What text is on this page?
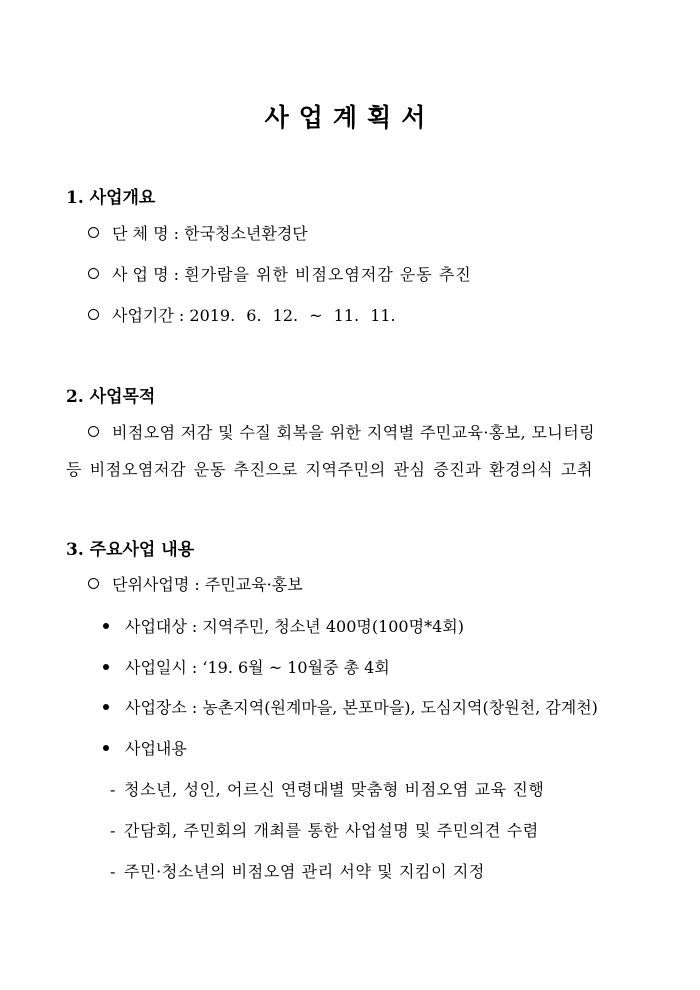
사업계획서
1. 사업개요
단 체 명 : 한국청소년환경단
사 업 명 : 흰가람을 위한 비점오염저감 운동 추진
사업기간 : 2019. 6. 12. ~ 11. 11.
2. 사업목적
비점오염 저감 및 수질 회복을 위한 지역별 주민교육·홍보, 모니터링
등 비점오염저감 운동 추진으로 지역주민의 관심 증진과 환경의식 고취
3. 주요사업 내용
단위사업명 : 주민교육·홍보
사업대상 : 지역주민, 청소년 400명(100명*4회)
사업일시 : ‘19. 6월 ~ 10월중 총 4회
사업장소 : 농촌지역(원계마을, 본포마을), 도심지역(창원천, 감계천)
사업내용
- 청소년, 성인, 어르신 연령대별 맞춤형 비점오염 교육 진행
- 간담회, 주민회의 개최를 통한 사업설명 및 주민의견 수렴
- 주민·청소년의 비점오염 관리 서약 및 지킴이 지정
